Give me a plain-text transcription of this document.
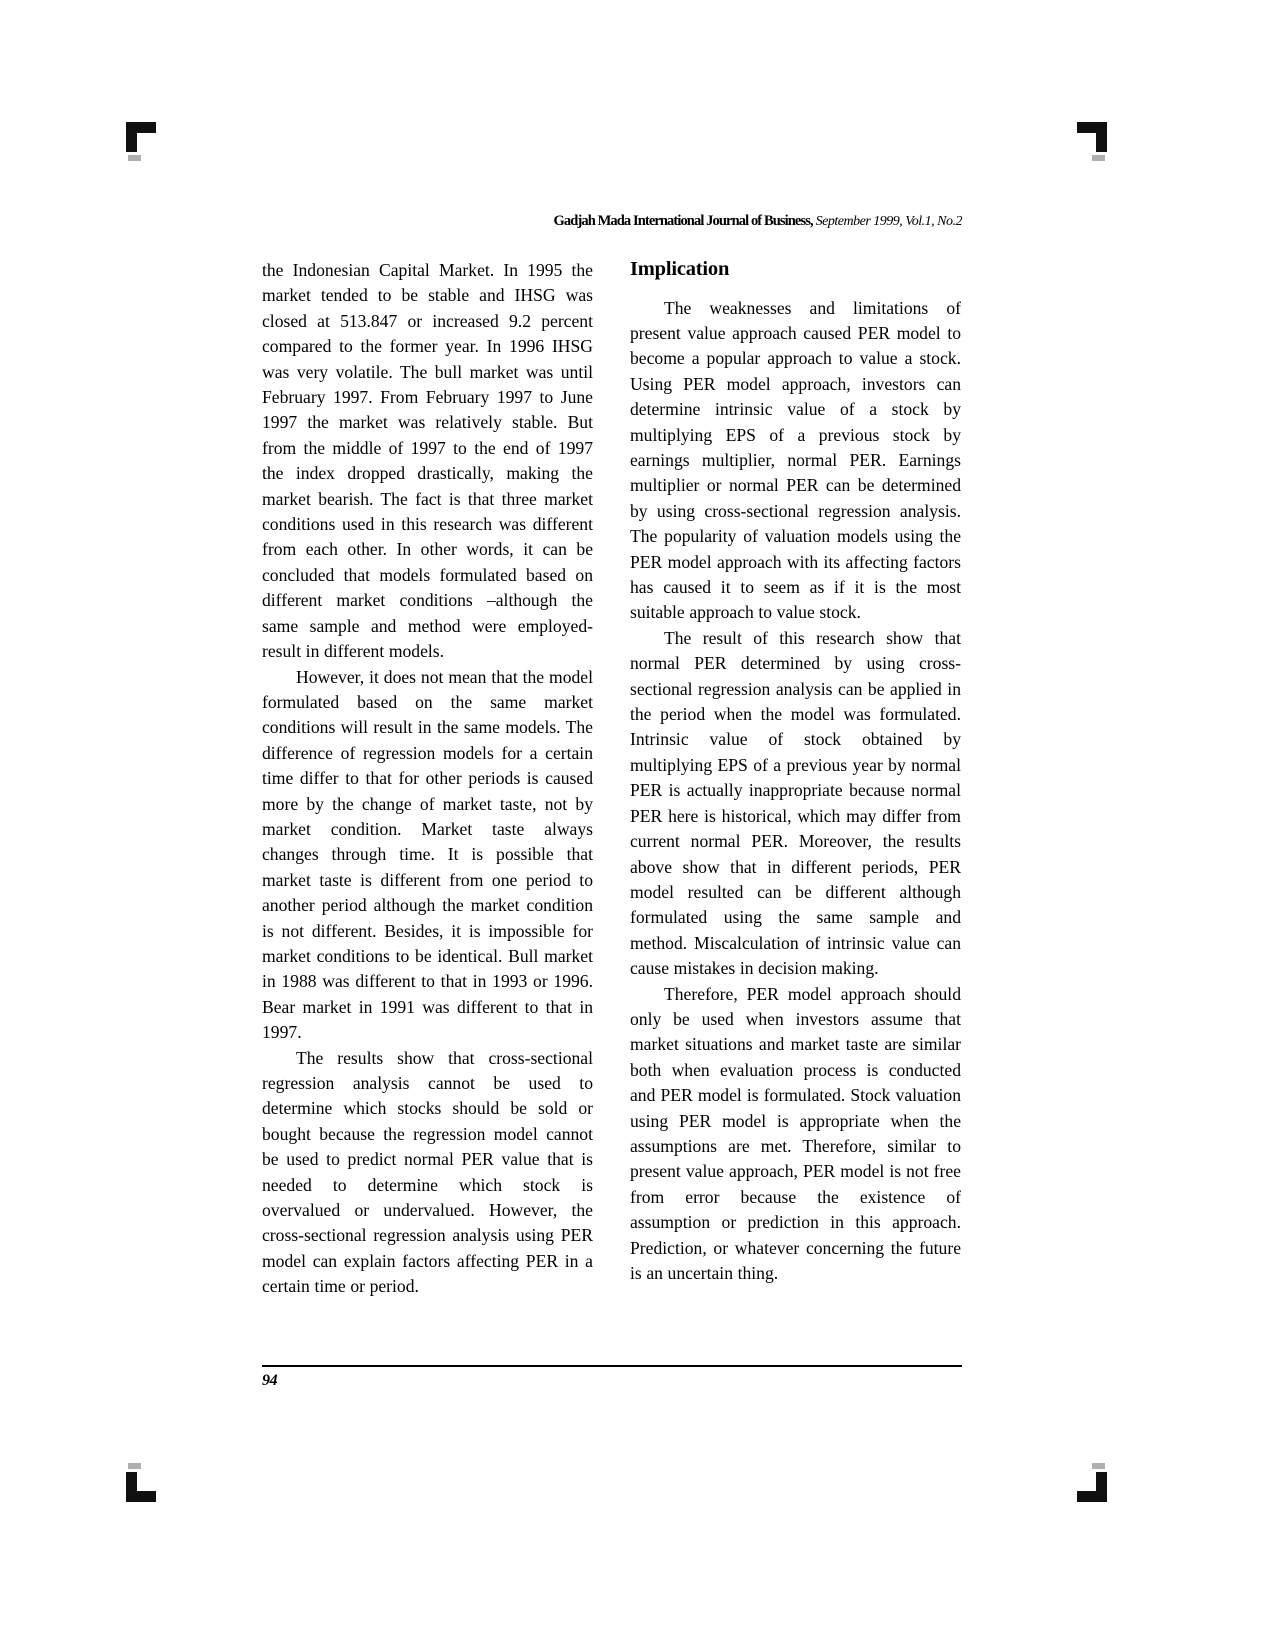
Gadjah Mada International Journal of Business, September 1999, Vol.1, No.2

the Indonesian Capital Market. In 1995 the market tended to be stable and IHSG was closed at 513.847 or increased 9.2 percent compared to the former year. In 1996 IHSG was very volatile. The bull market was until February 1997. From February 1997 to June 1997 the market was relatively stable. But from the middle of 1997 to the end of 1997 the index dropped drastically, making the market bearish. The fact is that three market conditions used in this research was different from each other. In other words, it can be concluded that models formulated based on different market conditions –although the same sample and method were employed- result in different models.

However, it does not mean that the model formulated based on the same market conditions will result in the same models. The difference of regression models for a certain time differ to that for other periods is caused more by the change of market taste, not by market condition. Market taste always changes through time. It is possible that market taste is different from one period to another period although the market condition is not different. Besides, it is impossible for market conditions to be identical. Bull market in 1988 was different to that in 1993 or 1996. Bear market in 1991 was different to that in 1997.

The results show that cross-sectional regression analysis cannot be used to determine which stocks should be sold or bought because the regression model cannot be used to predict normal PER value that is needed to determine which stock is overvalued or undervalued. However, the cross-sectional regression analysis using PER model can explain factors affecting PER in a certain time or period.

Implication

The weaknesses and limitations of present value approach caused PER model to become a popular approach to value a stock. Using PER model approach, investors can determine intrinsic value of a stock by multiplying EPS of a previous stock by earnings multiplier, normal PER. Earnings multiplier or normal PER can be determined by using cross-sectional regression analysis. The popularity of valuation models using the PER model approach with its affecting factors has caused it to seem as if it is the most suitable approach to value stock.

The result of this research show that normal PER determined by using cross-sectional regression analysis can be applied in the period when the model was formulated. Intrinsic value of stock obtained by multiplying EPS of a previous year by normal PER is actually inappropriate because normal PER here is historical, which may differ from current normal PER. Moreover, the results above show that in different periods, PER model resulted can be different although formulated using the same sample and method. Miscalculation of intrinsic value can cause mistakes in decision making.

Therefore, PER model approach should only be used when investors assume that market situations and market taste are similar both when evaluation process is conducted and PER model is formulated. Stock valuation using PER model is appropriate when the assumptions are met. Therefore, similar to present value approach, PER model is not free from error because the existence of assumption or prediction in this approach. Prediction, or whatever concerning the future is an uncertain thing.

94
